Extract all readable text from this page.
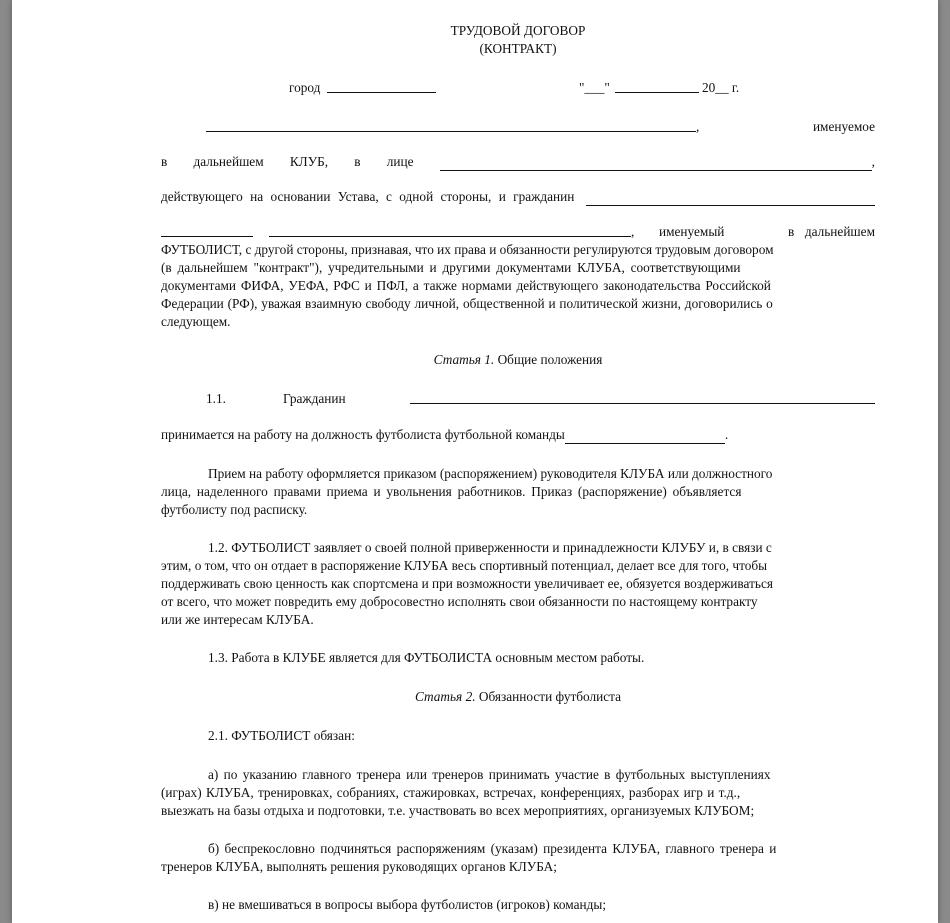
ТРУДОВОЙ ДОГОВОР
(КОНТРАКТ)
город	"___"	20__ г.
,	именуемое
в дальнейшем КЛУБ, в лице	,
действующего на основании Устава, с одной стороны, и гражданин
, именуемый	в дальнейшем
ФУТБОЛИСТ, с другой стороны, признавая, что их права и обязанности регулируются трудовым договором
(в дальнейшем "контракт"), учредительными и другими документами КЛУБА, соответствующими
документами ФИФА, УЕФА, РФС и ПФЛ, а также нормами действующего законодательства Российской
Федерации (РФ), уважая взаимную свободу личной, общественной и политической жизни, договорились о
следующем.
Статья 1. Общие положения
1.1.	Гражданин
принимается на работу на должность футболиста футбольной команды	.
Прием на работу оформляется приказом (распоряжением) руководителя КЛУБА или должностного
лица, наделенного правами приема и увольнения работников. Приказ (распоряжение) объявляется
футболисту под расписку.
1.2. ФУТБОЛИСТ заявляет о своей полной приверженности и принадлежности КЛУБУ и, в связи с
этим, о том, что он отдает в распоряжение КЛУБА весь спортивный потенциал, делает все для того, чтобы
поддерживать свою ценность как спортсмена и при возможности увеличивает ее, обязуется воздерживаться
от всего, что может повредить ему добросовестно исполнять свои обязанности по настоящему контракту
или же интересам КЛУБА.
1.3. Работа в КЛУБЕ является для ФУТБОЛИСТА основным местом работы.
Статья 2. Обязанности футболиста
2.1. ФУТБОЛИСТ обязан:
а) по указанию главного тренера или тренеров принимать участие в футбольных выступлениях
(играх) КЛУБА, тренировках, собраниях, стажировках, встречах, конференциях, разборах игр и т.д.,
выезжать на базы отдыха и подготовки, т.е. участвовать во всех мероприятиях, организуемых КЛУБОМ;
б) беспрекословно подчиняться распоряжениям (указам) президента КЛУБА, главного тренера и
тренеров КЛУБА, выполнять решения руководящих органов КЛУБА;
в) не вмешиваться в вопросы выбора футболистов (игроков) команды;
